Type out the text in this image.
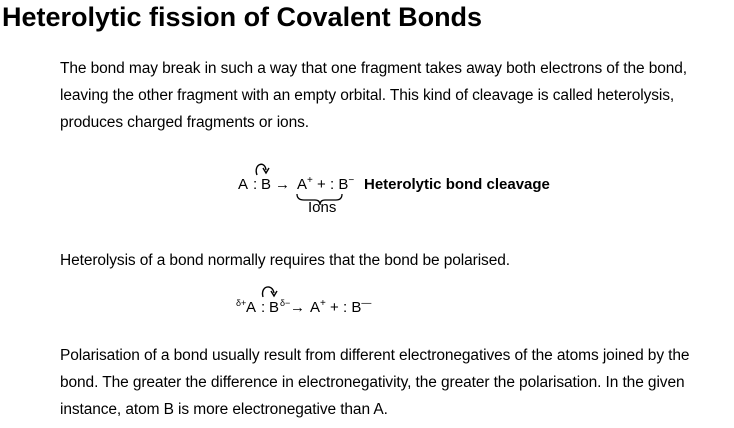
Heterolytic fission of Covalent Bonds
The bond may break in such a way that one fragment takes away both electrons of the bond, leaving the other fragment with an empty orbital. This kind of cleavage is called heterolysis, produces charged fragments or ions.
A : B → A+ + : B− Heterolytic bond cleavage
Ions
Heterolysis of a bond normally requires that the bond be polarised.
δ+ A : B δ− → A+ + : B—
Polarisation of a bond usually result from different electronegatives of the atoms joined by the bond. The greater the difference in electronegativity, the greater the polarisation. In the given instance, atom B is more electronegative than A.
